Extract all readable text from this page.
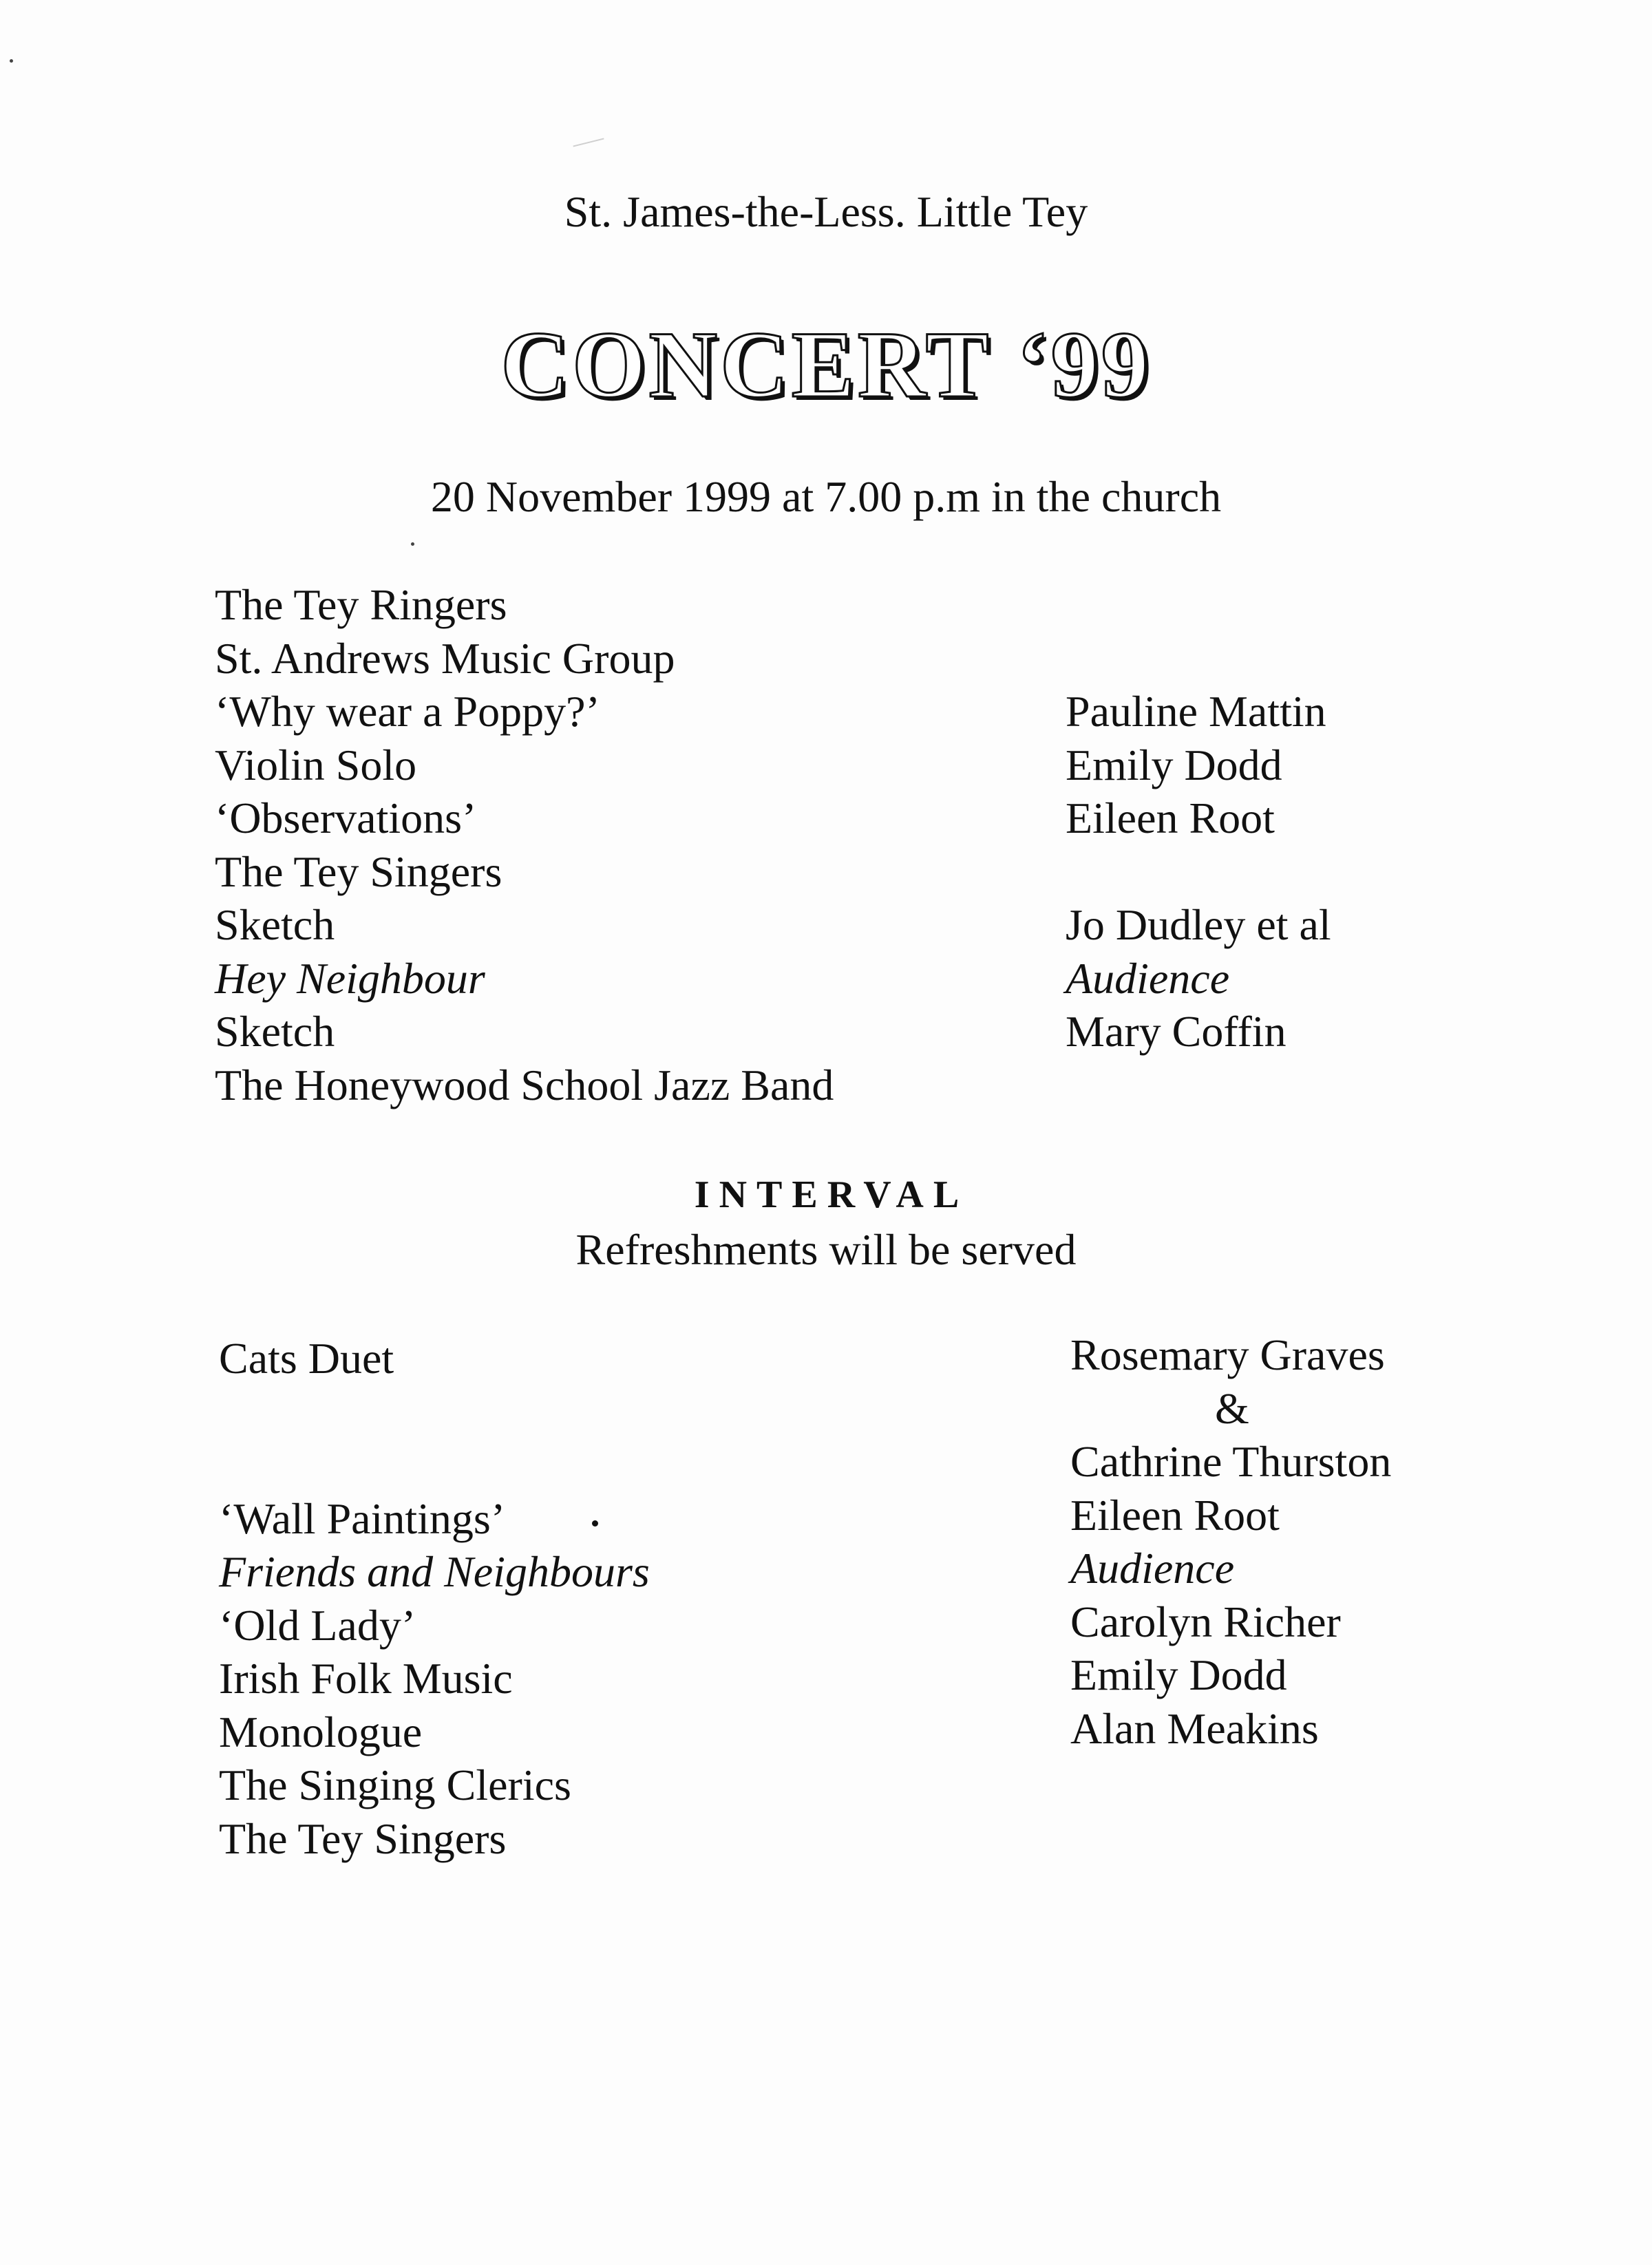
St. James-the-Less. Little Tey
CONCERT ‘99
20 November 1999 at 7.00 p.m in the church
The Tey Ringers
St. Andrews Music Group
‘Why wear a Poppy?’
Violin Solo
‘Observations’
The Tey Singers
Sketch
Hey Neighbour
Sketch
The Honeywood School Jazz Band
Pauline Mattin
Emily Dodd
Eileen Root
Jo Dudley et al
Audience
Mary Coffin
INTERVAL
Refreshments will be served
Cats Duet
‘Wall Paintings’
Friends and Neighbours
‘Old Lady’
Irish Folk Music
Monologue
The Singing Clerics
The Tey Singers
Rosemary Graves
&
Cathrine Thurston
Eileen Root
Audience
Carolyn Richer
Emily Dodd
Alan Meakins
